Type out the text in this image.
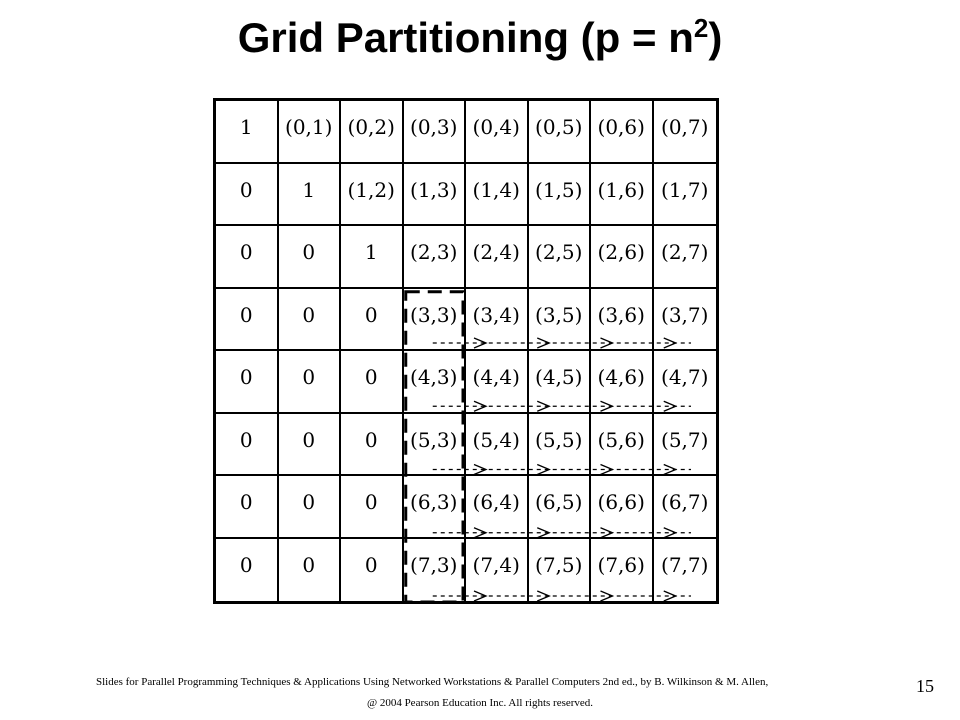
Grid Partitioning $(p = n^2)$
1	(0,1) (0,2) (0,3) (0,4) (0,5) (0,6) (0,7)
0	1	(1,2) (1,3) (1,4) (1,5) (1,6) (1,7)
0	0	1	(2,3) (2,4) (2,5) (2,6) (2,7)
0	0	0	(3,3) (3,4) (3,5) (3,6) (3,7)
0	0	0	(4,3) (4,4) (4,5) (4,6) (4,7)
0	0	0	(5,3) (5,4) (5,5) (5,6) (5,7)
0	0	0	(6,3) (6,4) (6,5) (6,6) (6,7)
0	0	0	(7,3) (7,4) (7,5) (7,6) (7,7)
Slides for Parallel Programming Techniques & Applications Using Networked Workstations & Parallel Computers 2nd ed., by B. Wilkinson & M. Allen,
@ 2004 Pearson Education Inc. All rights reserved.
15
